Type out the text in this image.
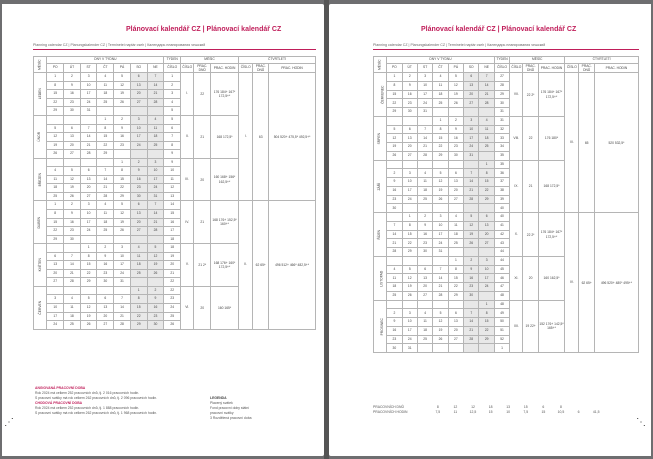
Plánovací kalendář CZ | Plánovací kalendář CZ
Planning calendar CZ | Planungskalender CZ | Terminetei naptár cseh | Календарь планирования чешский
MĚSÍC	DNY V TÝDNU							TÝDEN	MĚSÍC			ČTVRTLETÍ		
	PO	ÚT	ST	ČT	PÁ	SO	NE	ČÍSLO	ČÍSLO	PRAC. DNŮ	PRAC. HODIN	ČÍSLO	PRAC. DNŮ	PRAC. HODIN
LEDEN	1	2	3	4	5	6	7	1	I.	22	176 184+ 167* 172,5+*	I.	63	504 520+ 475,5* 492,5+*
	8	9	10	11	12	13	14	2						
	15	16	17	18	19	20	21	3						
	22	23	24	25	26	27	28	4						
	29	30	31					5						
ÚNOR				1	2	3	4	5	II.	21	168 172,5*			
	5	6	7	8	9	10	11	6						
	12	13	14	15	16	17	18	7						
	19	20	21	22	23	24	25	8						
	26	27	28	29				9						
BŘEZEN					1	2	3	9	III.	20	160 168+ 156* 162,5+*			
	4	5	6	7	8	9	10	10						
	11	12	13	14	15	16	17	11						
	18	19	20	21	22	23	24	12						
	25	26	27	28	29	30	31	13						
DUBEN	1	2	3	4	5	6	7	14	IV.	21	168 176+ 152,5* 160+*	II.	62 65+	496 512+ 466* 482,5+*
	8	9	10	11	12	13	14	15						
	15	16	17	18	19	20	21	16						
	22	23	24	25	26	27	28	17						
	29	30						18						
KVĚTEN			1	2	3	4	5	18	V.	21 2*	168 176+ 160* 172,5+*			
	6	7	8	9	10	11	12	19						
	13	14	15	16	17	18	19	20						
	20	21	22	23	24	25	26	21						
	27	28	29	30	31			22						
ČERVEN						1	2	22	VI.	20	160 165*			
	3	4	5	6	7	8	9	23						
	10	11	12	13	14	15	16	24						
	17	18	19	20	21	22	23	25						
	24	25	26	27	28	29	30	26						
ANGIOVANÁ PRACOVNÍ DOBA
Rok 2024 má celkem 252 pracovních dnů, tj. 2 016 pracovních hodin.
S pracovní svátky má rok celkem 262 pracovních dnů, tj. 2 096 pracovních hodin.
CHODOVÁ PRACOVNÍ DOBA
Rok 2024 má celkem 252 pracovních dnů, tj. 1 888 pracovních hodin.
S pracovní svátky má rok celkem 262 pracovních dnů, tj. 1 968 pracovních hodin.
LEGENDA
Placený svátek
Fond pracovní doby státní
pracovní svátky
3 Rozdělená pracovní doba
Plánovací kalendář CZ | Plánovací kalendář CZ
Planning calendar CZ | Planungskalender CZ | Terminetei naptár cseh | Календарь планирования чешский
MĚSÍC	DNY V TÝDNU							TÝDEN	MĚSÍC			ČTVRTLETÍ		
	PO	ÚT	ST	ČT	PÁ	SO	NE	ČÍSLO	ČÍSLO	PRAC. DNŮ	PRAC. HODIN	ČÍSLO	PRAC. DNŮ	PRAC. HODIN
ČERVENEC	1	2	3	4	5	6	7	27	VII.	22 2*	176 184+ 167* 172,5+*	III.	65	520 532,5*
	8	9	10	11	12	13	14	28						
	15	16	17	18	19	20	21	29						
	22	23	24	25	26	27	28	30						
	29	30	31					31						
SRPEN				1	2	3	4	31	VIII.	22	176 180*			
	5	6	7	8	9	10	11	32						
	12	13	14	15	16	17	18	33						
	19	20	21	22	23	24	25	34						
	26	27	28	29	30	31		35						
ZÁŘÍ							1	35	IX.	21	168 172,5*			
	2	3	4	5	6	7	8	36						
	9	10	11	12	13	14	15	37						
	16	17	18	19	20	21	22	38						
	23	24	25	26	27	28	29	39						
	30							40						
ŘÍJEN		1	2	3	4	5	6	40	X.	22 2*	176 184+ 167* 172,5+*	IV.	62 65+	496 520+ 480* 495+*
	7	8	9	10	11	12	13	41						
	14	15	16	17	18	19	20	42						
	21	22	23	24	25	26	27	43						
	28	29	30	31				44						
LISTOPAD					1	2	3	44	XI.	20	160 162,5*			
	4	5	6	7	8	9	10	45						
	11	12	13	14	15	16	17	46						
	18	19	20	21	22	23	24	47						
	25	26	27	28	29	30		48						
PROSINEC							1	48	XII.	19 22+	152 176+ 142,5* 165+*			
	2	3	4	5	6	7	8	49						
	9	10	11	12	13	14	15	50						
	16	17	18	19	20	21	22	51						
	23	24	25	26	27	28	29	52						
	30	31						1						
PRACOVNÍCH DNŮ	8	12	12	18	13	15	6	8		
PRACOVNÍCH HODIN	7,5	11	12,5	15	10	7,5	15	10,5	6	41,5
⋰	⋱
